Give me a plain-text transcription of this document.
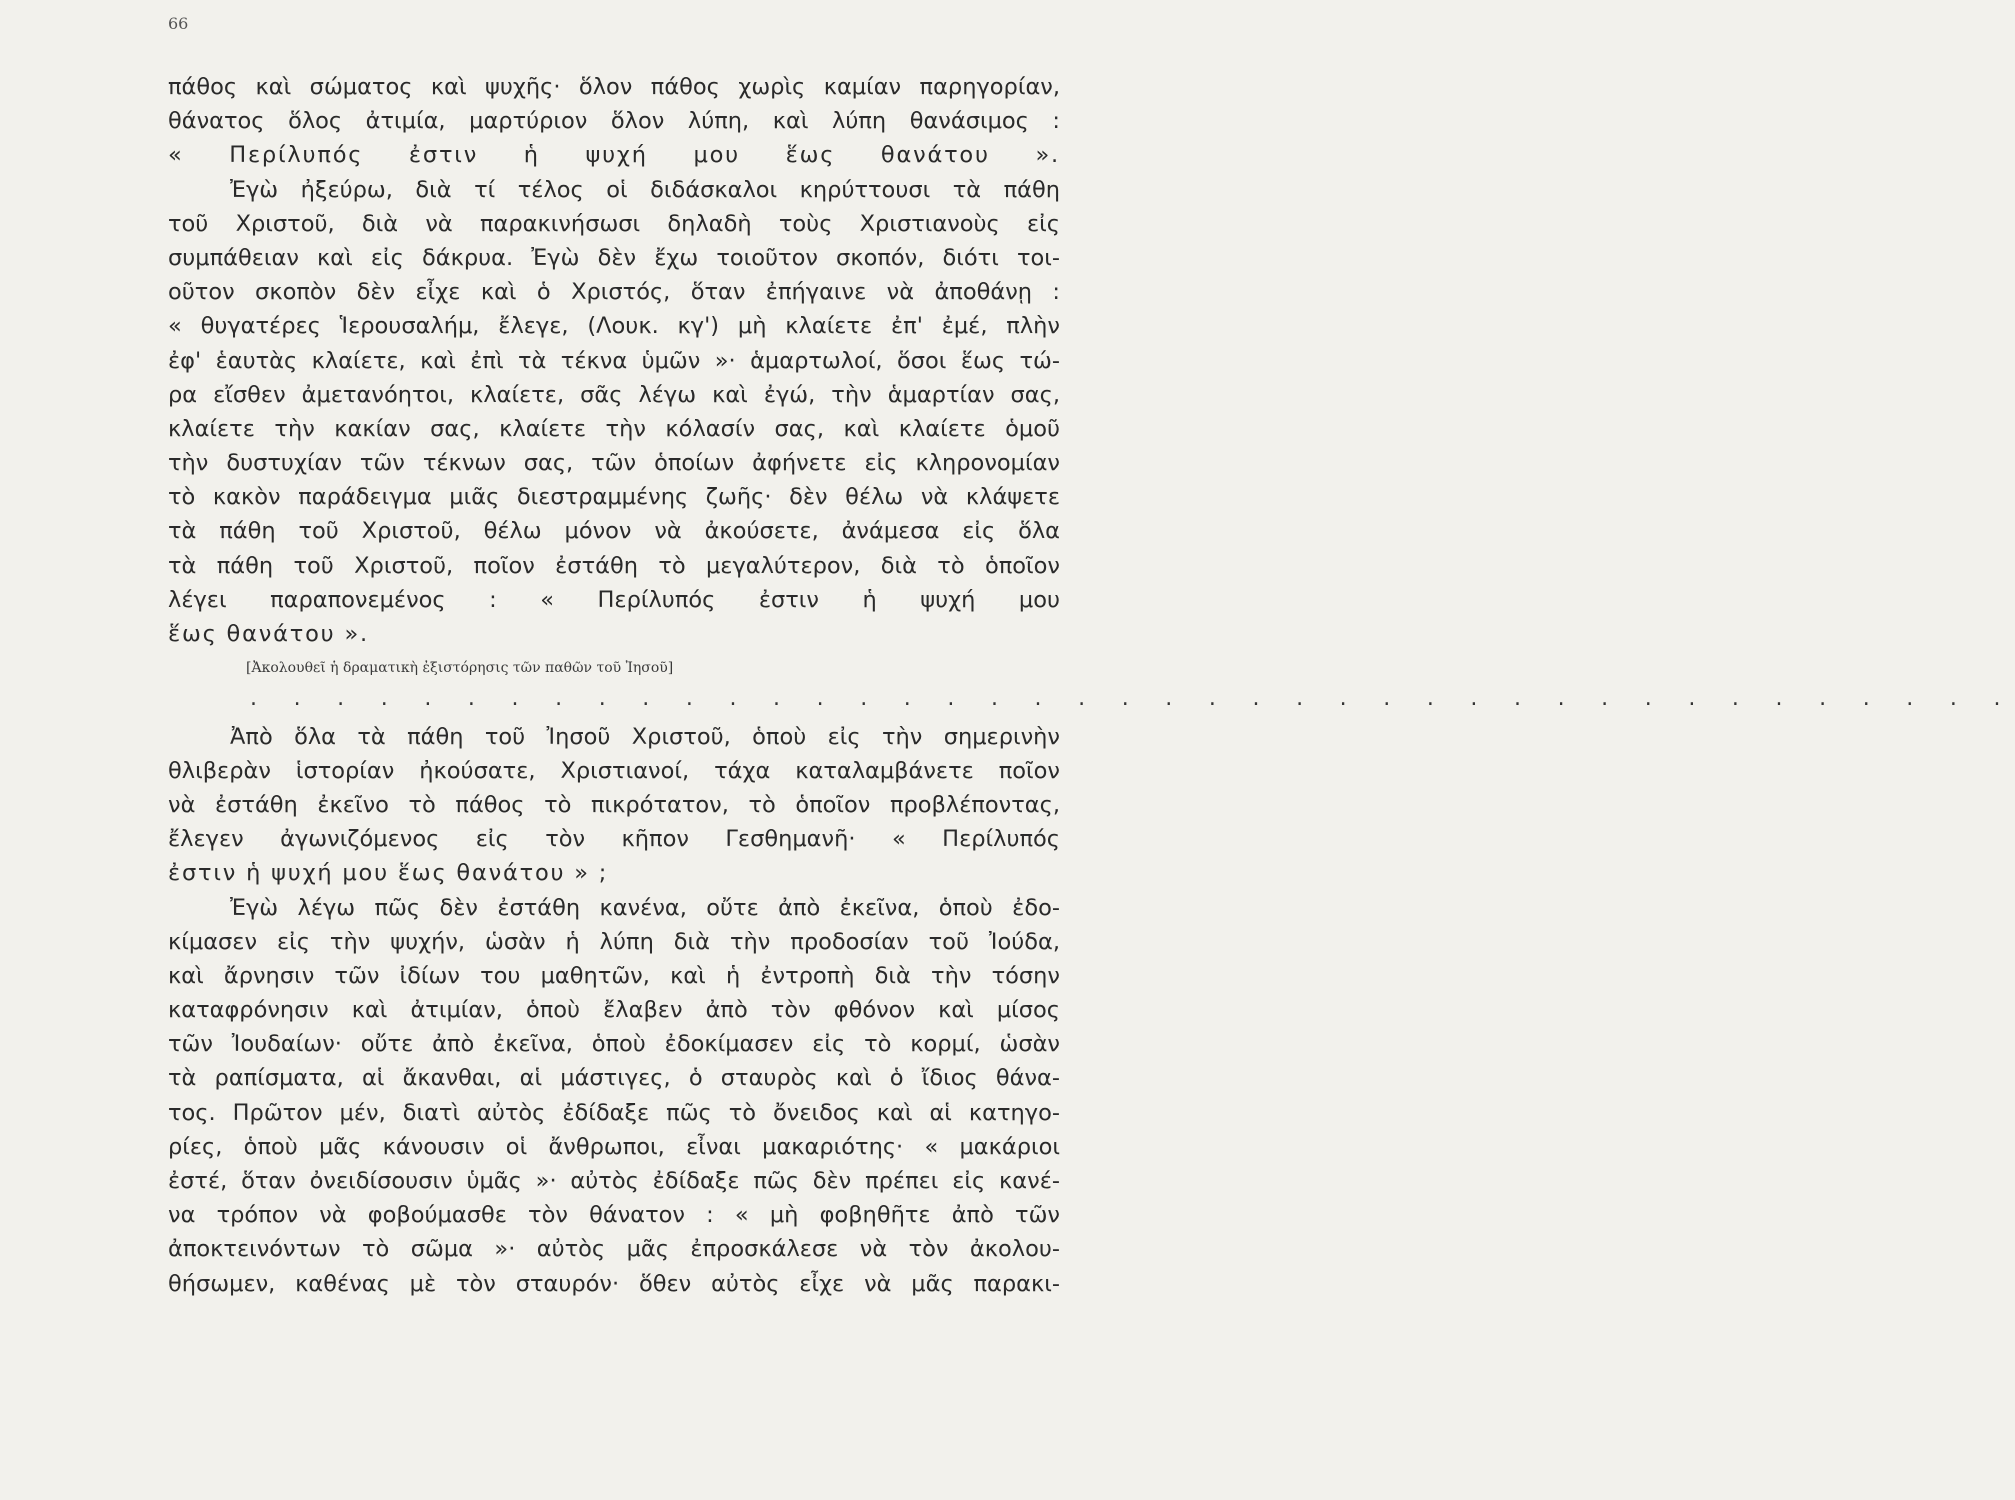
66
πάθος καὶ σώματος καὶ ψυχῆς· ὅλον πάθος χωρὶς καμίαν παρηγορίαν,
θάνατος ὅλος ἀτιμία, μαρτύριον ὅλον λύπη, καὶ λύπη θανάσιμος :
« Περίλυπός ἐστιν ἡ ψυχή μου ἕως θανάτου ».
Ἐγὼ ἠξεύρω, διὰ τί τέλος οἱ διδάσκαλοι κηρύττουσι τὰ πάθη
τοῦ Χριστοῦ, διὰ νὰ παρακινήσωσι δηλαδὴ τοὺς Χριστιανοὺς εἰς
συμπάθειαν καὶ εἰς δάκρυα. Ἐγὼ δὲν ἔχω τοιοῦτον σκοπόν, διότι τοι-
οῦτον σκοπὸν δὲν εἶχε καὶ ὁ Χριστός, ὅταν ἐπήγαινε νὰ ἀποθάνῃ :
« θυγατέρες Ἱερουσαλήμ, ἔλεγε, (Λουκ. κγ') μὴ κλαίετε ἐπ' ἐμέ, πλὴν
ἐφ' ἑαυτὰς κλαίετε, καὶ ἐπὶ τὰ τέκνα ὑμῶν »· ἁμαρτωλοί, ὅσοι ἕως τώ-
ρα εἴσθεν ἀμετανόητοι, κλαίετε, σᾶς λέγω καὶ ἐγώ, τὴν ἁμαρτίαν σας,
κλαίετε τὴν κακίαν σας, κλαίετε τὴν κόλασίν σας, καὶ κλαίετε ὁμοῦ
τὴν δυστυχίαν τῶν τέκνων σας, τῶν ὁποίων ἀφήνετε εἰς κληρονομίαν
τὸ κακὸν παράδειγμα μιᾶς διεστραμμένης ζωῆς· δὲν θέλω νὰ κλάψετε
τὰ πάθη τοῦ Χριστοῦ, θέλω μόνον νὰ ἀκούσετε, ἀνάμεσα εἰς ὅλα
τὰ πάθη τοῦ Χριστοῦ, ποῖον ἐστάθη τὸ μεγαλύτερον, διὰ τὸ ὁποῖον
λέγει παραπονεμένος : « Περίλυπός ἐστιν ἡ ψυχή μου
ἕως θανάτου ».
[Ἀκολουθεῖ ἡ δραματικὴ ἐξιστόρησις τῶν παθῶν τοῦ Ἰησοῦ]
. . . . . . . . . . . . . . . . . . . . . . . . . . . . . . . . . . . . . . . . .
Ἀπὸ ὅλα τὰ πάθη τοῦ Ἰησοῦ Χριστοῦ, ὁποὺ εἰς τὴν σημερινὴν
θλιβερὰν ἱστορίαν ἠκούσατε, Χριστιανοί, τάχα καταλαμβάνετε ποῖον
νὰ ἐστάθη ἐκεῖνο τὸ πάθος τὸ πικρότατον, τὸ ὁποῖον προβλέποντας,
ἔλεγεν ἀγωνιζόμενος εἰς τὸν κῆπον Γεσθημανῆ· « Περίλυπός
ἐστιν ἡ ψυχή μου ἕως θανάτου » ;
Ἐγὼ λέγω πῶς δὲν ἐστάθη κανένα, οὔτε ἀπὸ ἐκεῖνα, ὁποὺ ἐδο-
κίμασεν εἰς τὴν ψυχήν, ὡσὰν ἡ λύπη διὰ τὴν προδοσίαν τοῦ Ἰούδα,
καὶ ἄρνησιν τῶν ἰδίων του μαθητῶν, καὶ ἡ ἐντροπὴ διὰ τὴν τόσην
καταφρόνησιν καὶ ἀτιμίαν, ὁποὺ ἔλαβεν ἀπὸ τὸν φθόνον καὶ μίσος
τῶν Ἰουδαίων· οὔτε ἀπὸ ἐκεῖνα, ὁποὺ ἐδοκίμασεν εἰς τὸ κορμί, ὡσὰν
τὰ ραπίσματα, αἱ ἄκανθαι, αἱ μάστιγες, ὁ σταυρὸς καὶ ὁ ἴδιος θάνα-
τος. Πρῶτον μέν, διατὶ αὐτὸς ἐδίδαξε πῶς τὸ ὄνειδος καὶ αἱ κατηγο-
ρίες, ὁποὺ μᾶς κάνουσιν οἱ ἄνθρωποι, εἶναι μακαριότης· « μακάριοι
ἐστέ, ὅταν ὀνειδίσουσιν ὑμᾶς »· αὐτὸς ἐδίδαξε πῶς δὲν πρέπει εἰς κανέ-
να τρόπον νὰ φοβούμασθε τὸν θάνατον : « μὴ φοβηθῆτε ἀπὸ τῶν
ἀποκτεινόντων τὸ σῶμα »· αὐτὸς μᾶς ἐπροσκάλεσε νὰ τὸν ἀκολου-
θήσωμεν, καθένας μὲ τὸν σταυρόν· ὅθεν αὐτὸς εἶχε νὰ μᾶς παρακι-
